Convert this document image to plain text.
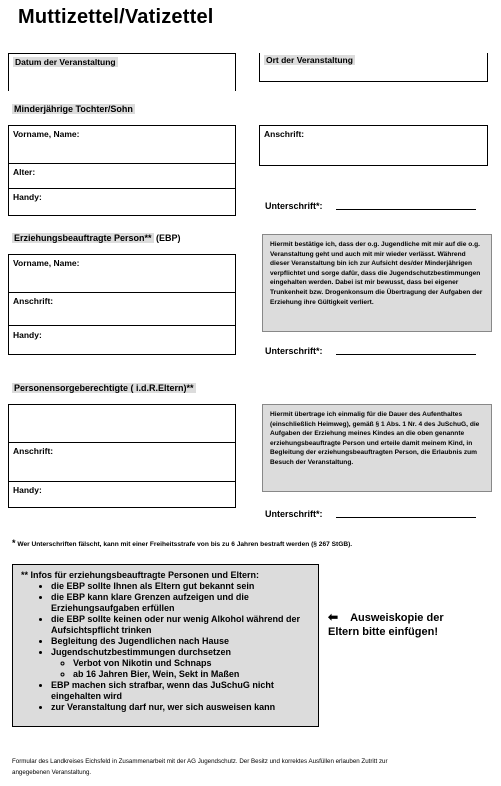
Muttizettel/Vatizettel
Datum der Veranstaltung	Ort der Veranstaltung
Minderjährige Tochter/Sohn
Vorname, Name:
Alter:
Handy:
Anschrift:
Unterschrift*:
Erziehungsbeauftragte Person** (EBP)
Vorname, Name:
Anschrift:
Handy:
Hiermit bestätige ich, dass der o.g. Jugendliche mit mir auf die o.g. Veranstaltung geht und auch mit mir wieder verlässt. Während dieser Veranstaltung bin ich zur Aufsicht des/der Minderjährigen verpflichtet und sorge dafür, dass die Jugendschutzbestimmungen eingehalten werden. Dabei ist mir bewusst, dass bei eigener Trunkenheit bzw. Drogenkonsum die Übertragung der Aufgaben der Erziehung ihre Gültigkeit verliert.
Unterschrift*:
Personensorgeberechtigte ( i.d.R.Eltern)**
Anschrift:
Handy:
Hiermit übertrage ich einmalig für die Dauer des Aufenthaltes (einschließlich Heimweg), gemäß § 1 Abs. 1 Nr. 4 des JuSchuG, die Aufgaben der Erziehung meines Kindes an die oben genannte erziehungsbeauftragte Person und erteile damit meinem Kind, in Begleitung der erziehungsbeauftragten Person, die Erlaubnis zum Besuch der Veranstaltung.
Unterschrift*:
* Wer Unterschriften fälscht, kann mit einer Freiheitsstrafe von bis zu 6 Jahren bestraft werden (§ 267 StGB).
** Infos für erziehungsbeauftragte Personen und Eltern:
• die EBP sollte Ihnen als Eltern gut bekannt sein
• die EBP kann klare Grenzen aufzeigen und die Erziehungsaufgaben erfüllen
• die EBP sollte keinen oder nur wenig Alkohol während der Aufsichtspflicht trinken
• Begleitung des Jugendlichen nach Hause
• Jugendschutzbestimmungen durchsetzen
◦ Verbot von Nikotin und Schnaps
◦ ab 16 Jahren Bier, Wein, Sekt in Maßen
• EBP machen sich strafbar, wenn das JuSchuG nicht eingehalten wird
• zur Veranstaltung darf nur, wer sich ausweisen kann
⬅ Ausweiskopie der
Eltern bitte einfügen!
Formular des Landkreises Eichsfeld in Zusammenarbeit mit der AG Jugendschutz. Der Besitz und korrektes Ausfüllen erlauben Zutritt zur
angegebenen Veranstaltung.
